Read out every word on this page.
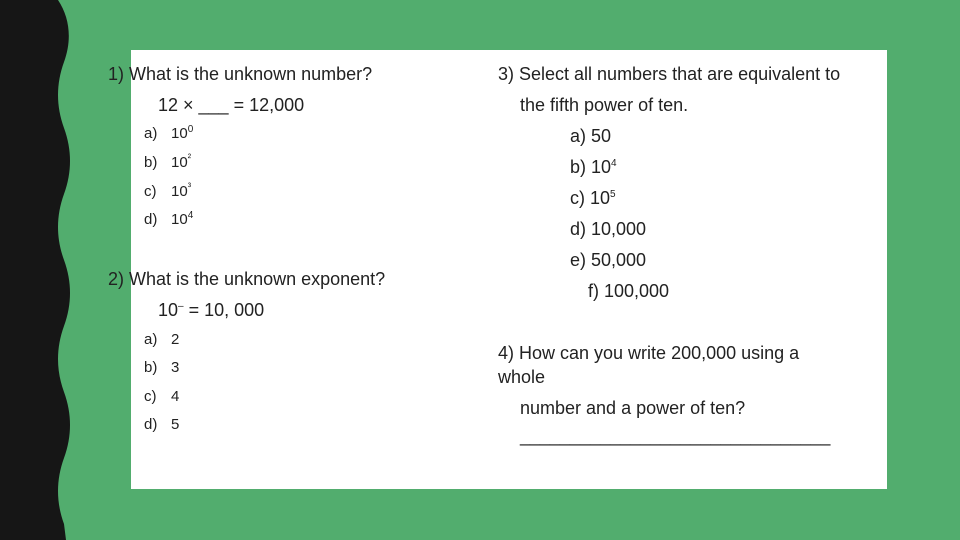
1) What is the unknown number?
12 × ___ = 12,000
a) $10^0$
b) $10^{^2}$
c) $10^{^3}$
d) $10^4$
2) What is the unknown exponent?
10– = 10, 000
a) 2
b) 3
c) 4
d) 5
3) Select all numbers that are equivalent to
the fifth power of ten.
a) 50
b) $10^4$
c) $10^5$
d) 10,000
e) 50,000
f) 100,000
4) How can you write 200,000 using a
whole
number and a power of ten?
_______________________________
